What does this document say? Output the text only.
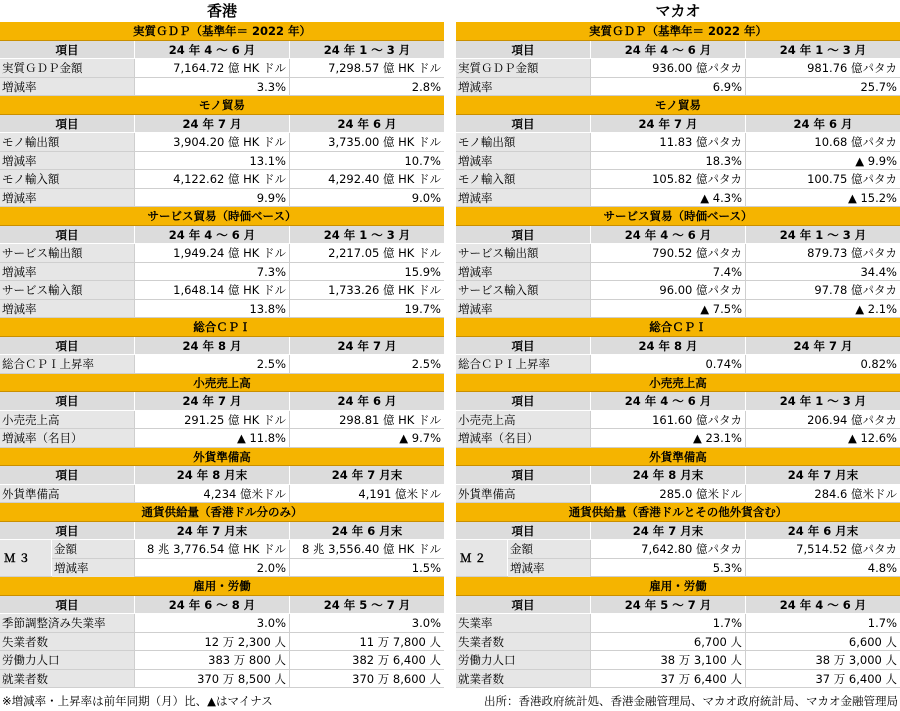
香港
実質ＧＤＰ（基準年＝ 2022 年）
項目	24 年 4 ～ 6 月	24 年 1 ～ 3 月
実質ＧＤＰ金額	7,164.72 億 HK ドル	7,298.57 億 HK ドル
増減率	3.3%	2.8%
モノ貿易
項目	24 年 7 月	24 年 6 月
モノ輸出額	3,904.20 億 HK ドル	3,735.00 億 HK ドル
増減率	13.1%	10.7%
モノ輸入額	4,122.62 億 HK ドル	4,292.40 億 HK ドル
増減率	9.9%	9.0%
サービス貿易（時価ベース）
項目	24 年 4 ～ 6 月	24 年 1 ～ 3 月
サービス輸出額	1,949.24 億 HK ドル	2,217.05 億 HK ドル
増減率	7.3%	15.9%
サービス輸入額	1,648.14 億 HK ドル	1,733.26 億 HK ドル
増減率	13.8%	19.7%
総合ＣＰＩ
項目	24 年 8 月	24 年 7 月
総合ＣＰＩ上昇率	2.5%	2.5%
小売売上高
項目	24 年 7 月	24 年 6 月
小売売上高	291.25 億 HK ドル	298.81 億 HK ドル
増減率（名目）	▲ 11.8%	▲ 9.7%
外貨準備高
項目	24 年 8 月末	24 年 7 月末
外貨準備高	4,234 億米ドル	4,191 億米ドル
通貨供給量（香港ドル分のみ）
項目	24 年 7 月末	24 年 6 月末
Ｍ３
金額	8 兆 3,776.54 億 HK ドル	8 兆 3,556.40 億 HK ドル
増減率	2.0%	1.5%
雇用・労働
項目	24 年 6 ～ 8 月	24 年 5 ～ 7 月
季節調整済み失業率	3.0%	3.0%
失業者数	12 万 2,300 人	11 万 7,800 人
労働力人口	383 万 800 人	382 万 6,400 人
就業者数	370 万 8,500 人	370 万 8,600 人
マカオ
実質ＧＤＰ（基準年＝ 2022 年）
項目	24 年 4 ～ 6 月	24 年 1 ～ 3 月
実質ＧＤＰ金額	936.00 億パタカ	981.76 億パタカ
増減率	6.9%	25.7%
モノ貿易
項目	24 年 7 月	24 年 6 月
モノ輸出額	11.83 億パタカ	10.68 億パタカ
増減率	18.3%	▲ 9.9%
モノ輸入額	105.82 億パタカ	100.75 億パタカ
増減率	▲ 4.3%	▲ 15.2%
サービス貿易（時価ベース）
項目	24 年 4 ～ 6 月	24 年 1 ～ 3 月
サービス輸出額	790.52 億パタカ	879.73 億パタカ
増減率	7.4%	34.4%
サービス輸入額	96.00 億パタカ	97.78 億パタカ
増減率	▲ 7.5%	▲ 2.1%
総合ＣＰＩ
項目	24 年 8 月	24 年 7 月
総合ＣＰＩ上昇率	0.74%	0.82%
小売売上高
項目	24 年 4 ～ 6 月	24 年 1 ～ 3 月
小売売上高	161.60 億パタカ	206.94 億パタカ
増減率（名目）	▲ 23.1%	▲ 12.6%
外貨準備高
項目	24 年 8 月末	24 年 7 月末
外貨準備高	285.0 億米ドル	284.6 億米ドル
通貨供給量（香港ドルとその他外貨含む）
項目	24 年 7 月末	24 年 6 月末
Ｍ２
金額	7,642.80 億パタカ	7,514.52 億パタカ
増減率	5.3%	4.8%
雇用・労働
項目	24 年 5 ～ 7 月	24 年 4 ～ 6 月
失業率	1.7%	1.7%
失業者数	6,700 人	6,600 人
労働力人口	38 万 3,100 人	38 万 3,000 人
就業者数	37 万 6,400 人	37 万 6,400 人
※増減率・上昇率は前年同期（月）比、▲はマイナス	出所：香港政府統計処、香港金融管理局、マカオ政府統計局、マカオ金融管理局
